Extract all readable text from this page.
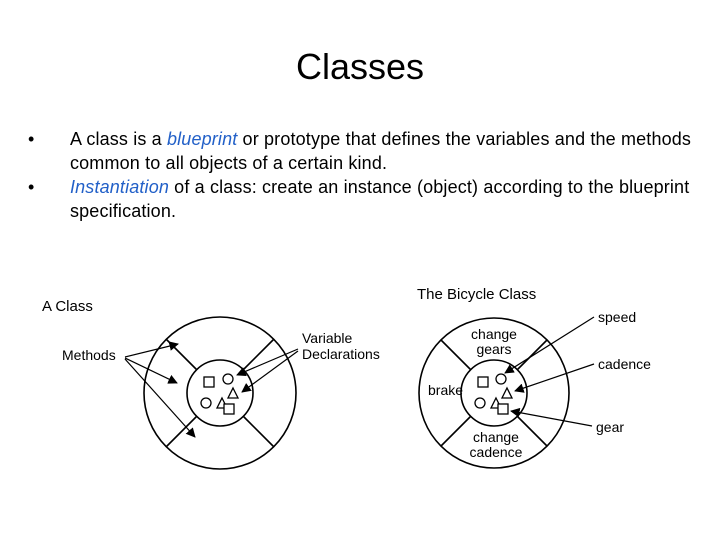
Classes
• A class is a blueprint or prototype that defines the variables and the methods common to all objects of a certain kind.
• Instantiation of a class: create an instance (object) according to the blueprint specification.
A Class
Methods
Variable
Declarations
The Bicycle Class
change
gears
brake
change
cadence
speed
cadence
gear
